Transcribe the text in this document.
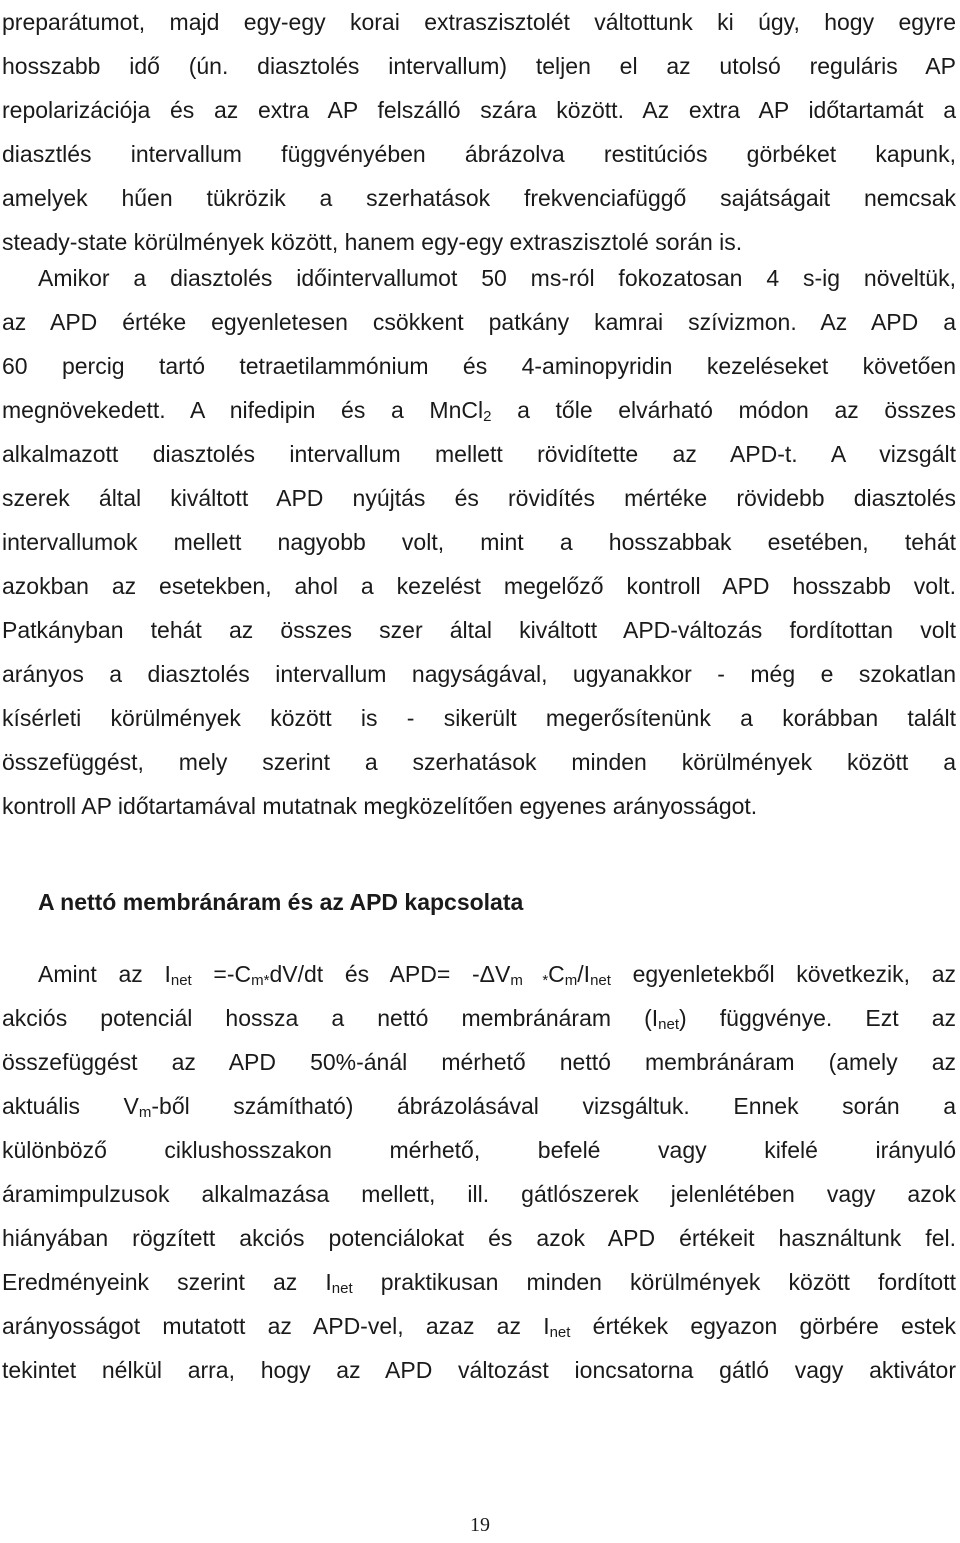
preparátumot, majd egy-egy korai extraszisztolét váltottunk ki úgy, hogy egyre
hosszabb idő (ún. diasztolés intervallum) teljen el az utolsó reguláris AP
repolarizációja és az extra AP felszálló szára között. Az extra AP időtartamát a
diasztlés intervallum függvényében ábrázolva restitúciós görbéket kapunk,
amelyek hűen tükrözik a szerhatások frekvenciafüggő sajátságait nemcsak
steady-state körülmények között, hanem egy-egy extraszisztolé során is.
Amikor a diasztolés időintervallumot 50 ms-ról fokozatosan 4 s-ig növeltük,
az APD értéke egyenletesen csökkent patkány kamrai szívizmon. Az APD a
60 percig tartó tetraetilammónium és 4-aminopyridin kezeléseket követően
megnövekedett. A nifedipin és a MnCl$_2$ a tőle elvárható módon az összes
alkalmazott diasztolés intervallum mellett rövidítette az APD-t. A vizsgált
szerek által kiváltott APD nyújtás és rövidítés mértéke rövidebb diasztolés
intervallumok mellett nagyobb volt, mint a hosszabbak esetében, tehát
azokban az esetekben, ahol a kezelést megelőző kontroll APD hosszabb volt.
Patkányban tehát az összes szer által kiváltott APD-változás fordítottan volt
arányos a diasztolés intervallum nagyságával, ugyanakkor - még e szokatlan
kísérleti körülmények között is - sikerült megerősítenünk a korábban talált
összefüggést, mely szerint a szerhatások minden körülmények között a
kontroll AP időtartamával mutatnak megközelítően egyenes arányosságot.
A nettó membránáram és az APD kapcsolata
Amint az $I_{net} =-C_{m*}dV/dt$ és $APD= -\Delta V_{m *}C_m/I_{net}$ egyenletekből következik, az
akciós potenciál hossza a nettó membránáram $(I_{net})$ függvénye. Ezt az
összefüggést az APD 50%-ánál mérhető nettó membránáram (amely az
aktuális $V_m$-ből számítható) ábrázolásával vizsgáltuk. Ennek során a
különböző ciklushosszakon mérhető, befelé vagy kifelé irányuló
áramimpulzusok alkalmazása mellett, ill. gátlószerek jelenlétében vagy azok
hiányában rögzített akciós potenciálokat és azok APD értékeit használtunk fel.
Eredményeink szerint az $I_{net}$ praktikusan minden körülmények között fordított
arányosságot mutatott az APD-vel, azaz az $I_{net}$ értékek egyazon görbére estek
tekintet nélkül arra, hogy az APD változást ioncsatorna gátló vagy aktivátor
19
